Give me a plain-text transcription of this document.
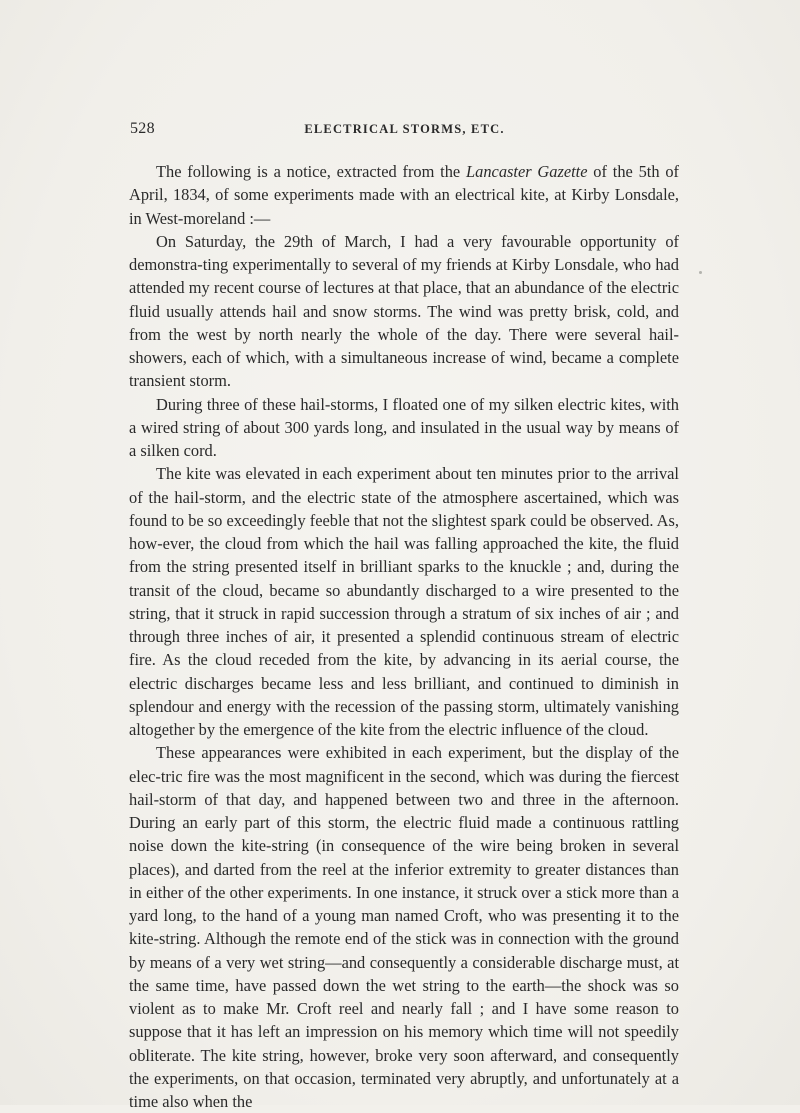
528	ELECTRICAL STORMS, ETC.

The following is a notice, extracted from the Lancaster Gazette of the 5th of April, 1834, of some experiments made with an electrical kite, at Kirby Lonsdale, in West-moreland :—

On Saturday, the 29th of March, I had a very favourable opportunity of demonstra-ting experimentally to several of my friends at Kirby Lonsdale, who had attended my recent course of lectures at that place, that an abundance of the electric fluid usually attends hail and snow storms. The wind was pretty brisk, cold, and from the west by north nearly the whole of the day. There were several hail-showers, each of which, with a simultaneous increase of wind, became a complete transient storm.

During three of these hail-storms, I floated one of my silken electric kites, with a wired string of about 300 yards long, and insulated in the usual way by means of a silken cord.

The kite was elevated in each experiment about ten minutes prior to the arrival of the hail-storm, and the electric state of the atmosphere ascertained, which was found to be so exceedingly feeble that not the slightest spark could be observed. As, how-ever, the cloud from which the hail was falling approached the kite, the fluid from the string presented itself in brilliant sparks to the knuckle ; and, during the transit of the cloud, became so abundantly discharged to a wire presented to the string, that it struck in rapid succession through a stratum of six inches of air ; and through three inches of air, it presented a splendid continuous stream of electric fire. As the cloud receded from the kite, by advancing in its aerial course, the electric discharges became less and less brilliant, and continued to diminish in splendour and energy with the recession of the passing storm, ultimately vanishing altogether by the emergence of the kite from the electric influence of the cloud.

These appearances were exhibited in each experiment, but the display of the elec-tric fire was the most magnificent in the second, which was during the fiercest hail-storm of that day, and happened between two and three in the afternoon. During an early part of this storm, the electric fluid made a continuous rattling noise down the kite-string (in consequence of the wire being broken in several places), and darted from the reel at the inferior extremity to greater distances than in either of the other experiments. In one instance, it struck over a stick more than a yard long, to the hand of a young man named Croft, who was presenting it to the kite-string. Although the remote end of the stick was in connection with the ground by means of a very wet string—and consequently a considerable discharge must, at the same time, have passed down the wet string to the earth—the shock was so violent as to make Mr. Croft reel and nearly fall ; and I have some reason to suppose that it has left an impression on his memory which time will not speedily obliterate. The kite string, however, broke very soon afterward, and consequently the experiments, on that occasion, terminated very abruptly, and unfortunately at a time also when the
